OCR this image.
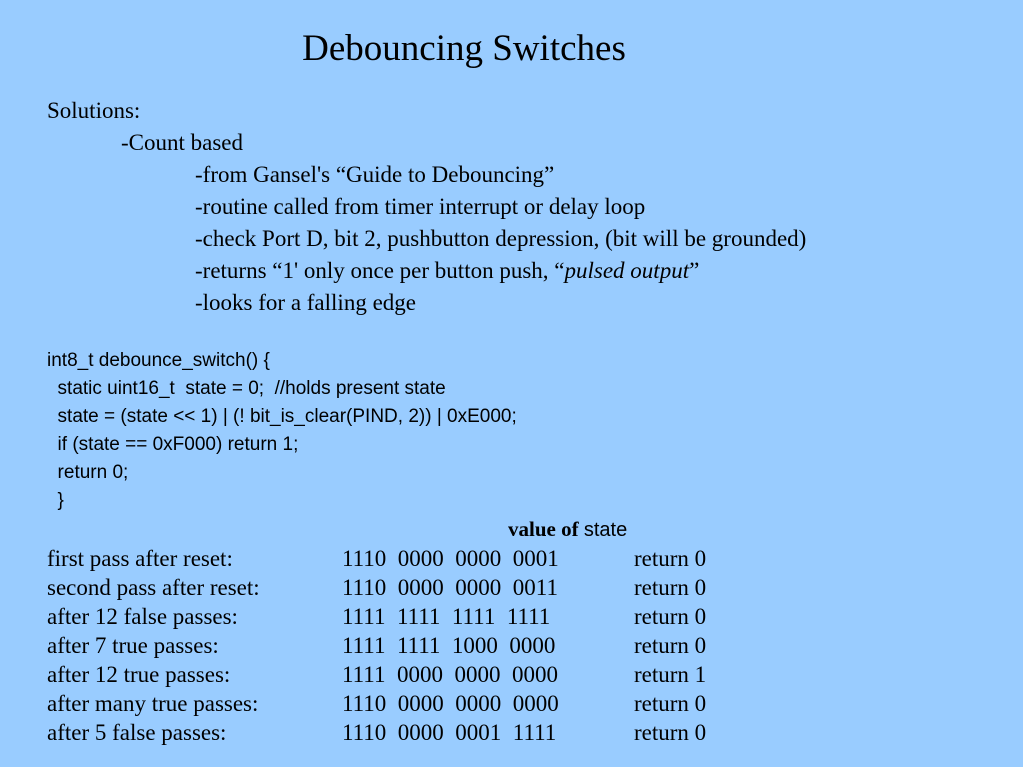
Debouncing Switches
Solutions:
-Count based
-from Gansel's “Guide to Debouncing”
-routine called from timer interrupt or delay loop
-check Port D, bit 2, pushbutton depression, (bit will be grounded)
-returns “1' only once per button push, “pulsed output”
-looks for a falling edge
int8_t debounce_switch() {
static uint16_t  state = 0;  //holds present state
state = (state << 1) | (! bit_is_clear(PIND, 2)) | 0xE000;
if (state == 0xF000) return 1;
return 0;
}
value of state
first pass after reset:	1110  0000  0000  0001	return 0
second pass after reset:	1110  0000  0000  0011	return 0
after 12 false passes:	1111  1111  1111  1111	return 0
after 7 true passes:	1111  1111  1000  0000	return 0
after 12 true passes:	1111  0000  0000  0000	return 1
after many true passes:	1110  0000  0000  0000	return 0
after 5 false passes:	1110  0000  0001  1111	return 0
